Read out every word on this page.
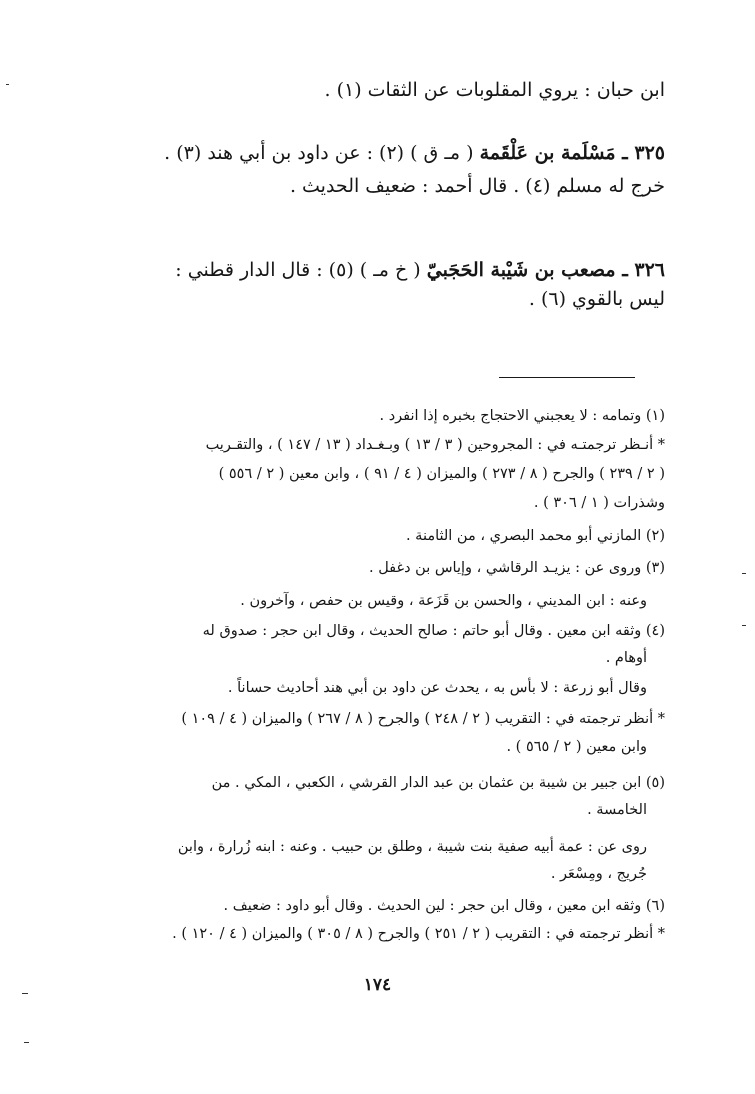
ابن حبان : يروي المقلوبات عن الثقات (١) .
٣٢٥ ـ مَسْلَمة بن عَلْقَمة ( مـ ق ) (٢) : عن داود بن أبي هند (٣) .
خرج له مسلم (٤) . قال أحمد : ضعيف الحديث .
٣٢٦ ـ مصعب بن شَيْبة الحَجَبيّ ( خ مـ ) (٥) : قال الدار قطني :
ليس بالقوي (٦) .
(١) وتمامه : لا يعجبني الاحتجاج بخبره إذا انفرد .
* أنـظر ترجمتـه في : المجروحين ( ٣ / ١٣ ) وبـغـداد ( ١٣ / ١٤٧ ) ، والتقـريب
( ٢ / ٢٣٩ ) والجرح ( ٨ / ٢٧٣ ) والميزان ( ٤ / ٩١ ) ، وابن معين ( ٢ / ٥٥٦ )
وشذرات ( ١ / ٣٠٦ ) .
(٢) المازني أبو محمد البصري ، من الثامنة .
(٣) وروى عن : يزيـد الرقاشي ، وإياس بن دغفل .
وعنه : ابن المديني ، والحسن بن قَزَعة ، وقيس بن حفص ، وآخرون .
(٤) وثقه ابن معين . وقال أبو حاتم : صالح الحديث ، وقال ابن حجر : صدوق له
أوهام .
وقال أبو زرعة : لا بأس به ، يحدث عن داود بن أبي هند أحاديث حساناً .
* أنظر ترجمته في : التقريب ( ٢ / ٢٤٨ ) والجرح ( ٨ / ٢٦٧ ) والميزان ( ٤ / ١٠٩ )
وابن معين ( ٢ / ٥٦٥ ) .
(٥) ابن جبير بن شيبة بن عثمان بن عبد الدار القرشي ، الكعبي ، المكي . من
الخامسة .
روى عن : عمة أبيه صفية بنت شيبة ، وطلق بن حبيب . وعنه : ابنه زُرارة ، وابن
جُريج ، ومِسْعَر .
(٦) وثقه ابن معين ، وقال ابن حجر : لين الحديث . وقال أبو داود : ضعيف .
* أنظر ترجمته في : التقريب ( ٢ / ٢٥١ ) والجرح ( ٨ / ٣٠٥ ) والميزان ( ٤ / ١٢٠ ) .
١٧٤
